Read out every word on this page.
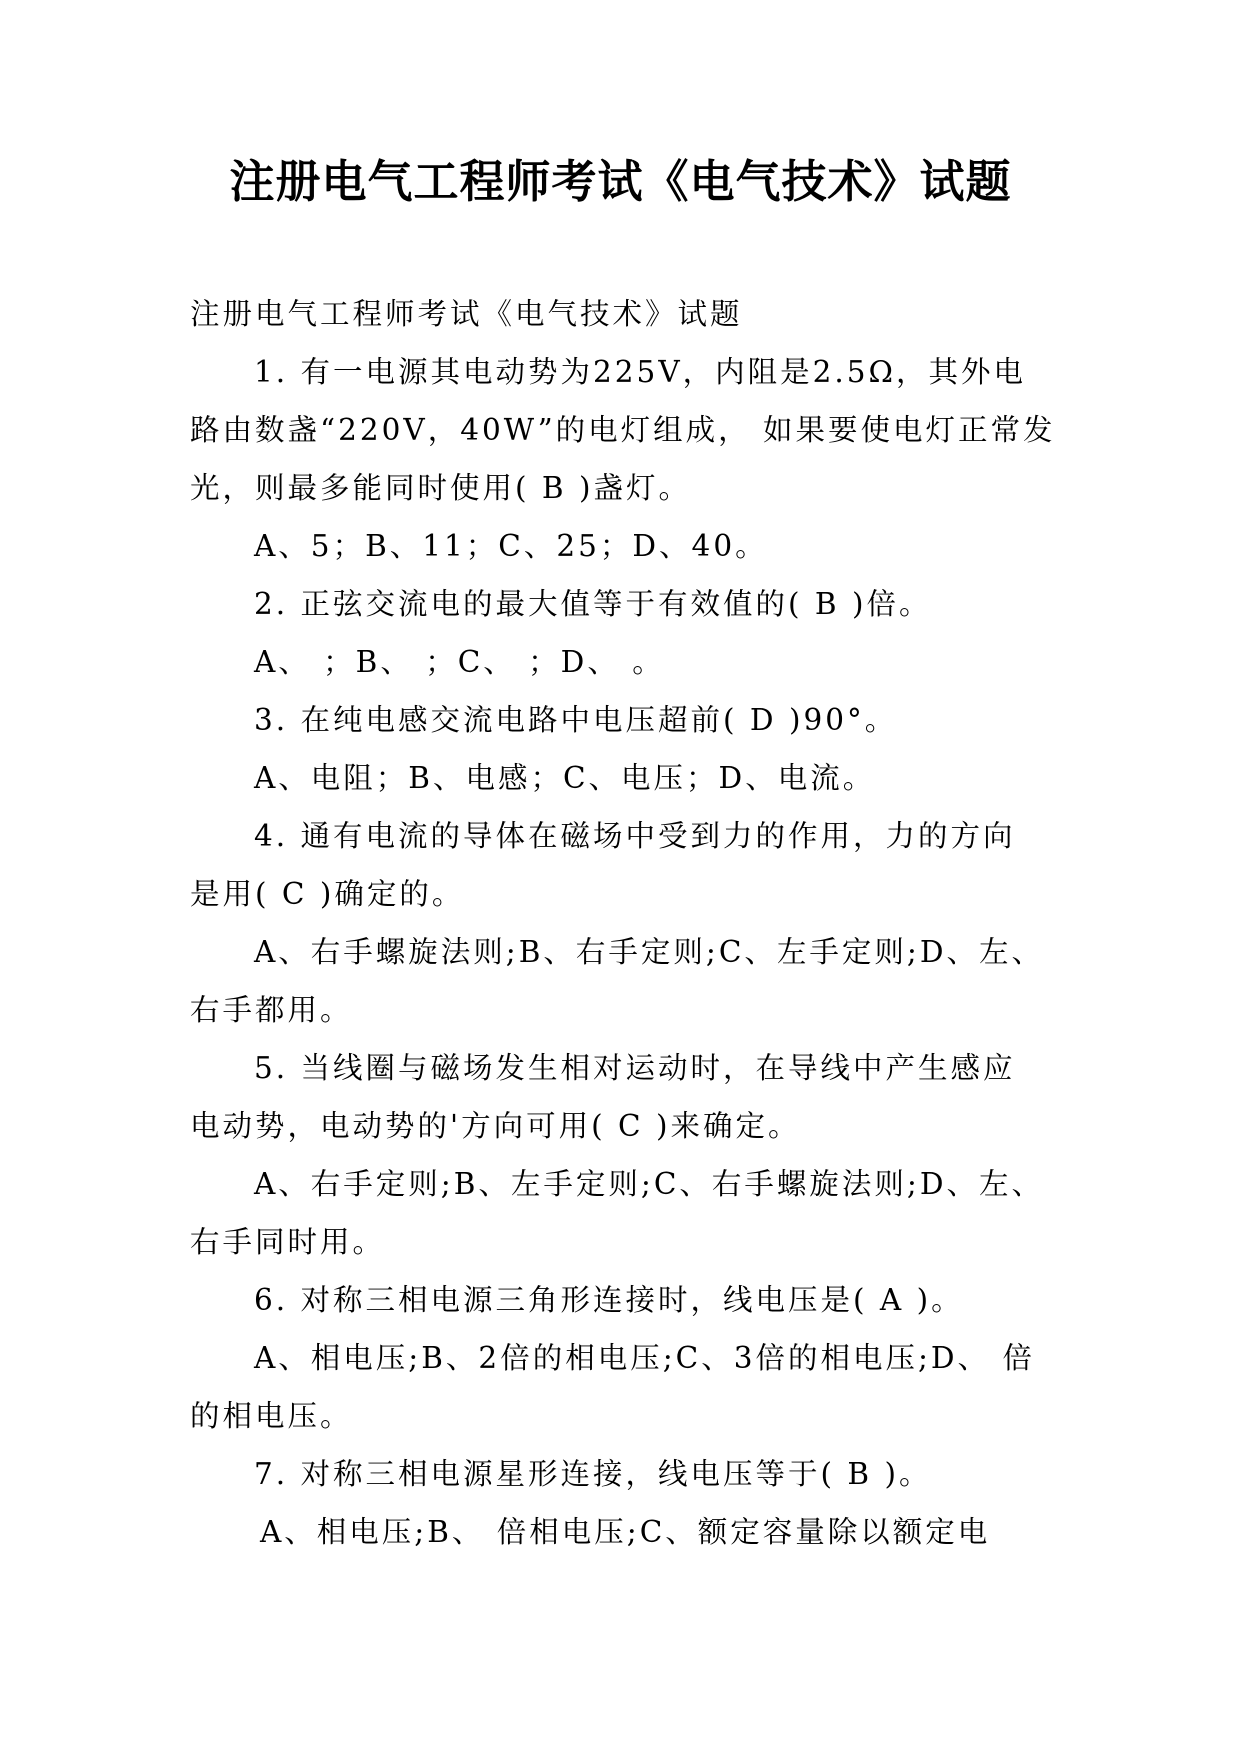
注册电气工程师考试《电气技术》试题

注册电气工程师考试《电气技术》试题

1. 有一电源其电动势为225V，内阻是2.5Ω，其外电

路由数盏“220V，40W”的电灯组成， 如果要使电灯正常发

光，则最多能同时使用( B )盏灯。

A、5；B、11；C、25；D、40。

2. 正弦交流电的最大值等于有效值的( B )倍。

A、 ；B、 ；C、 ；D、 。

3. 在纯电感交流电路中电压超前( D )90°。

A、电阻；B、电感；C、电压；D、电流。

4. 通有电流的导体在磁场中受到力的作用，力的方向

是用( C )确定的。

A、右手螺旋法则;B、右手定则;C、左手定则;D、左、

右手都用。

5. 当线圈与磁场发生相对运动时，在导线中产生感应

电动势，电动势的'方向可用( C )来确定。

A、右手定则;B、左手定则;C、右手螺旋法则;D、左、

右手同时用。

6. 对称三相电源三角形连接时，线电压是( A )。

A、相电压;B、2倍的相电压;C、3倍的相电压;D、 倍

的相电压。

7. 对称三相电源星形连接，线电压等于( B )。

A、相电压;B、 倍相电压;C、额定容量除以额定电
